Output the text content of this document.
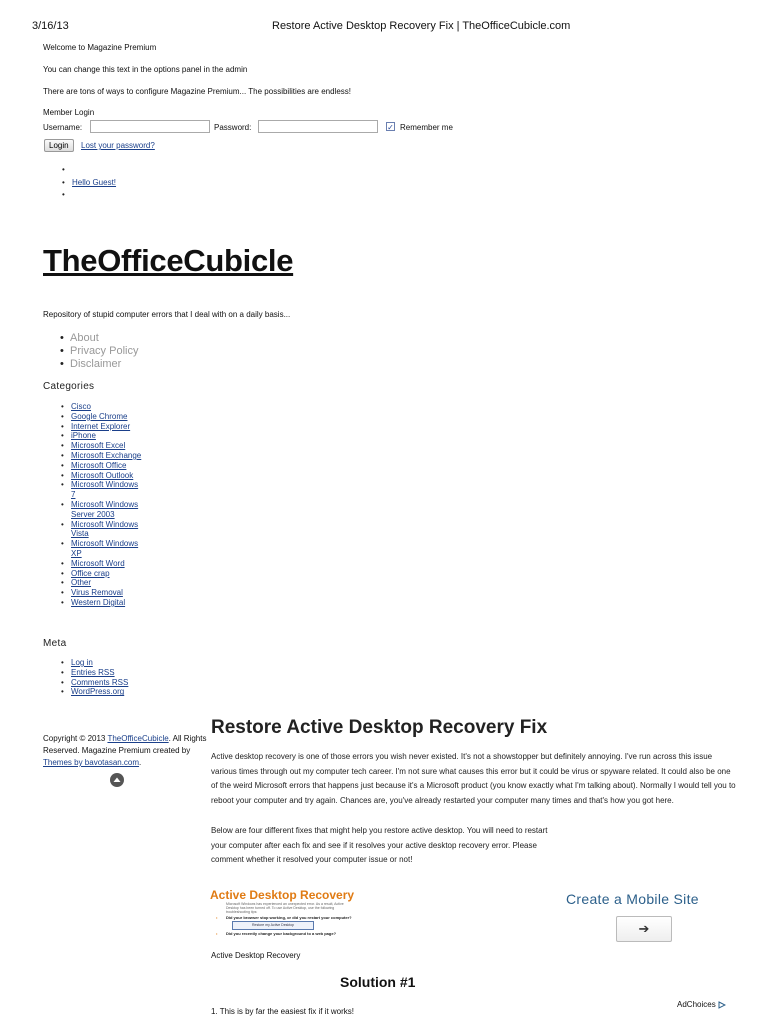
3/16/13	Restore Active Desktop Recovery Fix | TheOfficeCubicle.com
Welcome to Magazine Premium
You can change this text in the options panel in the admin
There are tons of ways to configure Magazine Premium... The possibilities are endless!
Member Login
Username:	Password:	✓ Remember me
Login	Lost your password?
•
• Hello Guest!
•
TheOfficeCubicle
Repository of stupid computer errors that I deal with on a daily basis...
• About
• Privacy Policy
• Disclaimer
Categories
• Cisco
• Google Chrome
• Internet Explorer
• iPhone
• Microsoft Excel
• Microsoft Exchange
• Microsoft Office
• Microsoft Outlook
• Microsoft Windows 7
• Microsoft Windows Server 2003
• Microsoft Windows Vista
• Microsoft Windows XP
• Microsoft Word
• Office crap
• Other
• Virus Removal
• Western Digital
Meta
• Log in
• Entries RSS
• Comments RSS
• WordPress.org
Copyright © 2013 TheOfficeCubicle. All Rights Reserved. Magazine Premium created by Themes by bavotasan.com.
Restore Active Desktop Recovery Fix
Active desktop recovery is one of those errors you wish never existed. It's not a showstopper but definitely annoying. I've run across this issue various times through out my computer tech career. I'm not sure what causes this error but it could be virus or spyware related. It could also be one of the weird Microsoft errors that happens just because it's a Microsoft product (you know exactly what I'm talking about). Normally I would tell you to reboot your computer and try again. Chances are, you've already restarted your computer many times and that's how you got here.
Below are four different fixes that might help you restore active desktop. You will need to restart your computer after each fix and see if it resolves your active desktop recovery error. Please comment whether it resolved your computer issue or not!
Active Desktop Recovery
Microsoft Windows has experienced an unexpected error. As a result, Active Desktop has been turned off. To use Active Desktop, use the following troubleshooting tips:
• Did your browser stop working, or did you restart your computer?
Restore my Active Desktop
• Did you recently change your background to a web page?
Active Desktop Recovery
Create a Mobile Site
➔
Solution #1
1. This is by far the easiest fix if it works!
AdChoices
